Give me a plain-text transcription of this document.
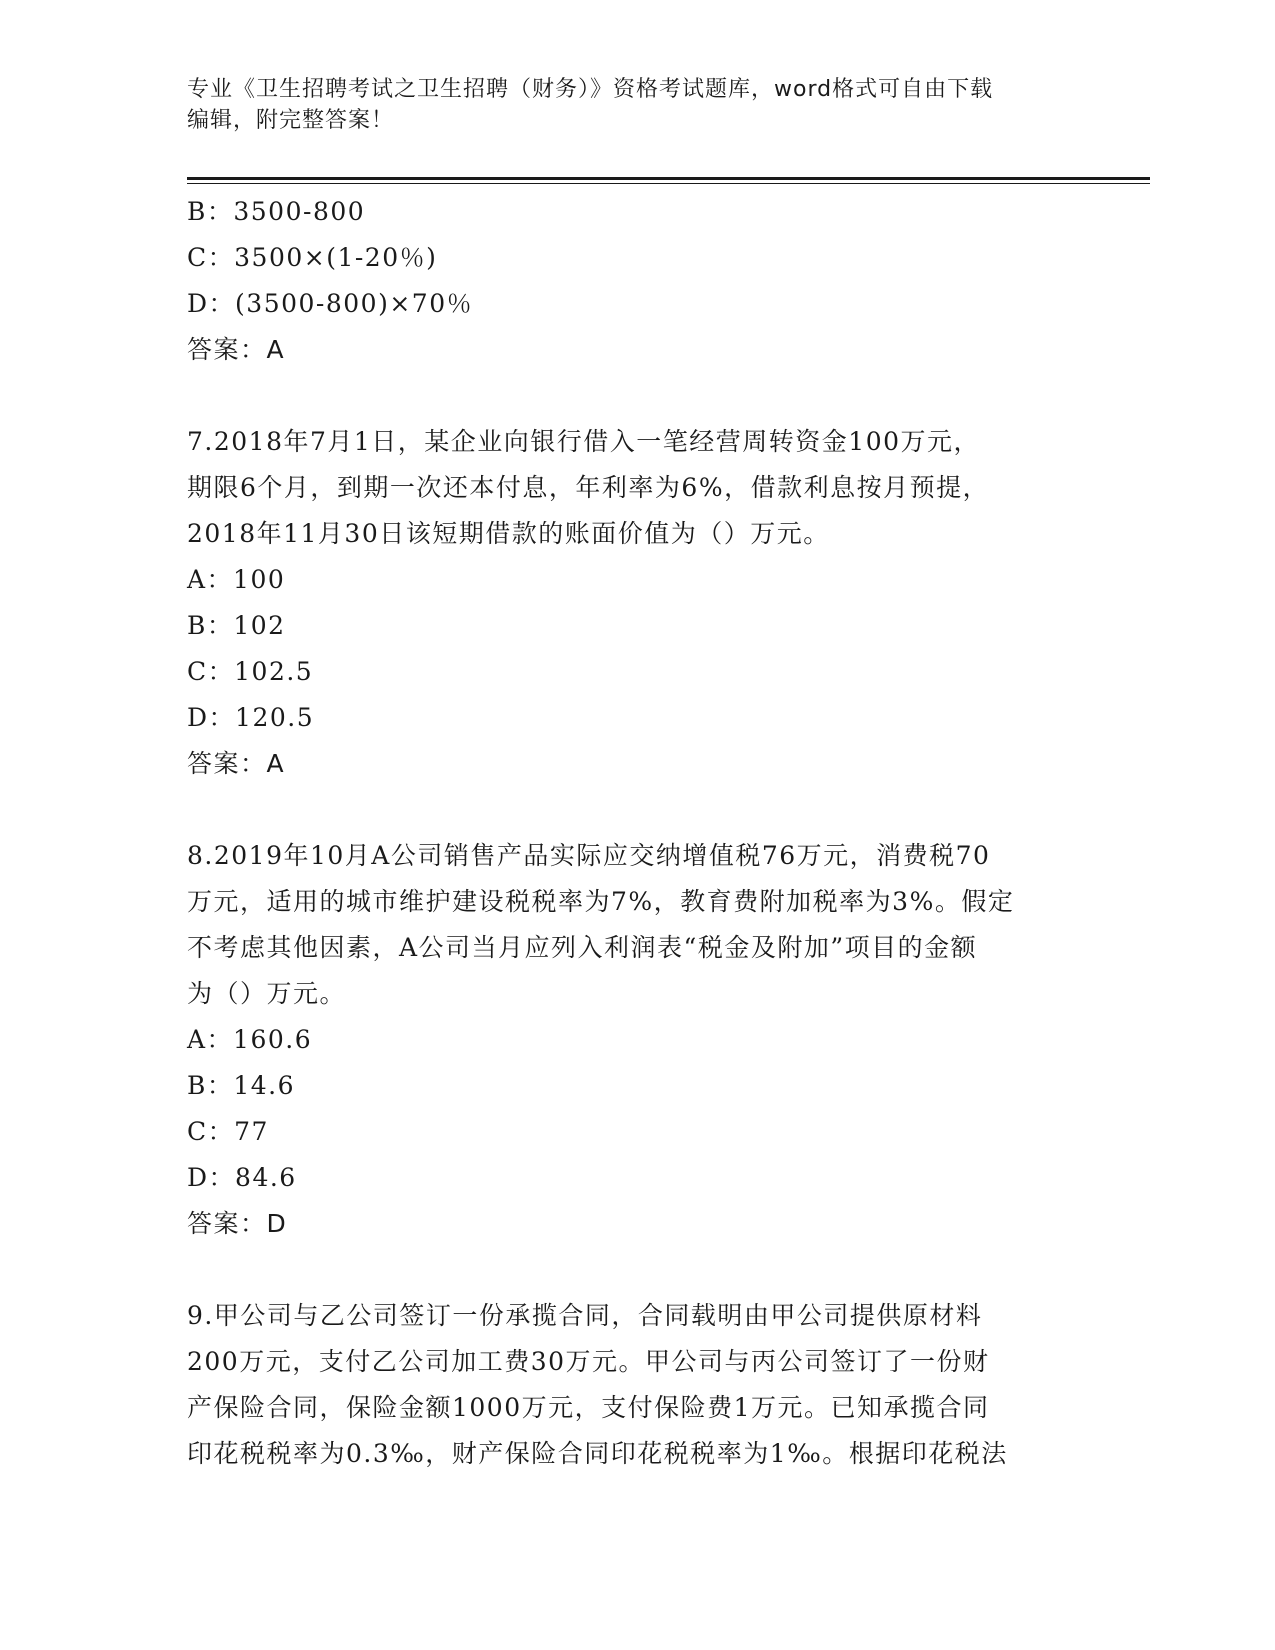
专业《卫生招聘考试之卫生招聘（财务）》资格考试题库，word格式可自由下载
编辑，附完整答案！

B：3500-800

C：3500×(1-20％)

D：(3500-800)×70％

答案：A

7.2018年7月1日，某企业向银行借入一笔经营周转资金100万元，

期限6个月，到期一次还本付息，年利率为6%，借款利息按月预提，

2018年11月30日该短期借款的账面价值为（）万元。

A：100

B：102

C：102.5

D：120.5

答案：A

8.2019年10月A公司销售产品实际应交纳增值税76万元，消费税70

万元，适用的城市维护建设税税率为7%，教育费附加税率为3%。假定

不考虑其他因素，A公司当月应列入利润表“税金及附加”项目的金额

为（）万元。

A：160.6

B：14.6

C：77

D：84.6

答案：D

9.甲公司与乙公司签订一份承揽合同，合同载明由甲公司提供原材料

200万元，支付乙公司加工费30万元。甲公司与丙公司签订了一份财

产保险合同，保险金额1000万元，支付保险费1万元。已知承揽合同

印花税税率为0.3‰，财产保险合同印花税税率为1‰。根据印花税法
